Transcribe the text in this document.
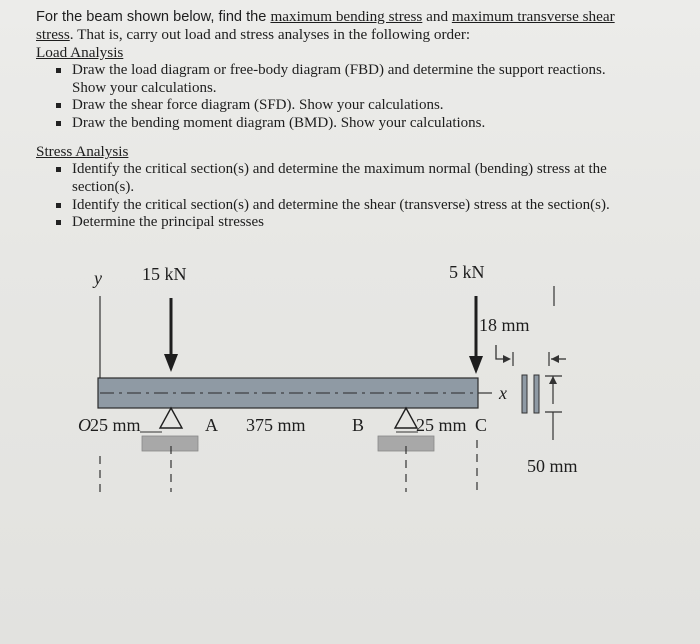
For the beam shown below, find the maximum bending stress and maximum transverse shear
stress. That is, carry out load and stress analyses in the following order:

Load Analysis

Draw the load diagram or free-body diagram (FBD) and determine the support reactions.
Show your calculations.
Draw the shear force diagram (SFD). Show your calculations.
Draw the bending moment diagram (BMD). Show your calculations.

Stress Analysis

Identify the critical section(s) and determine the maximum normal (bending) stress at the
section(s).
Identify the critical section(s) and determine the shear (transverse) stress at the section(s).
Determine the principal stresses
y 15 kN	5 kN
x
O 25 mm	A 375 mm	B	25 mm C
18 mm
50 mm
